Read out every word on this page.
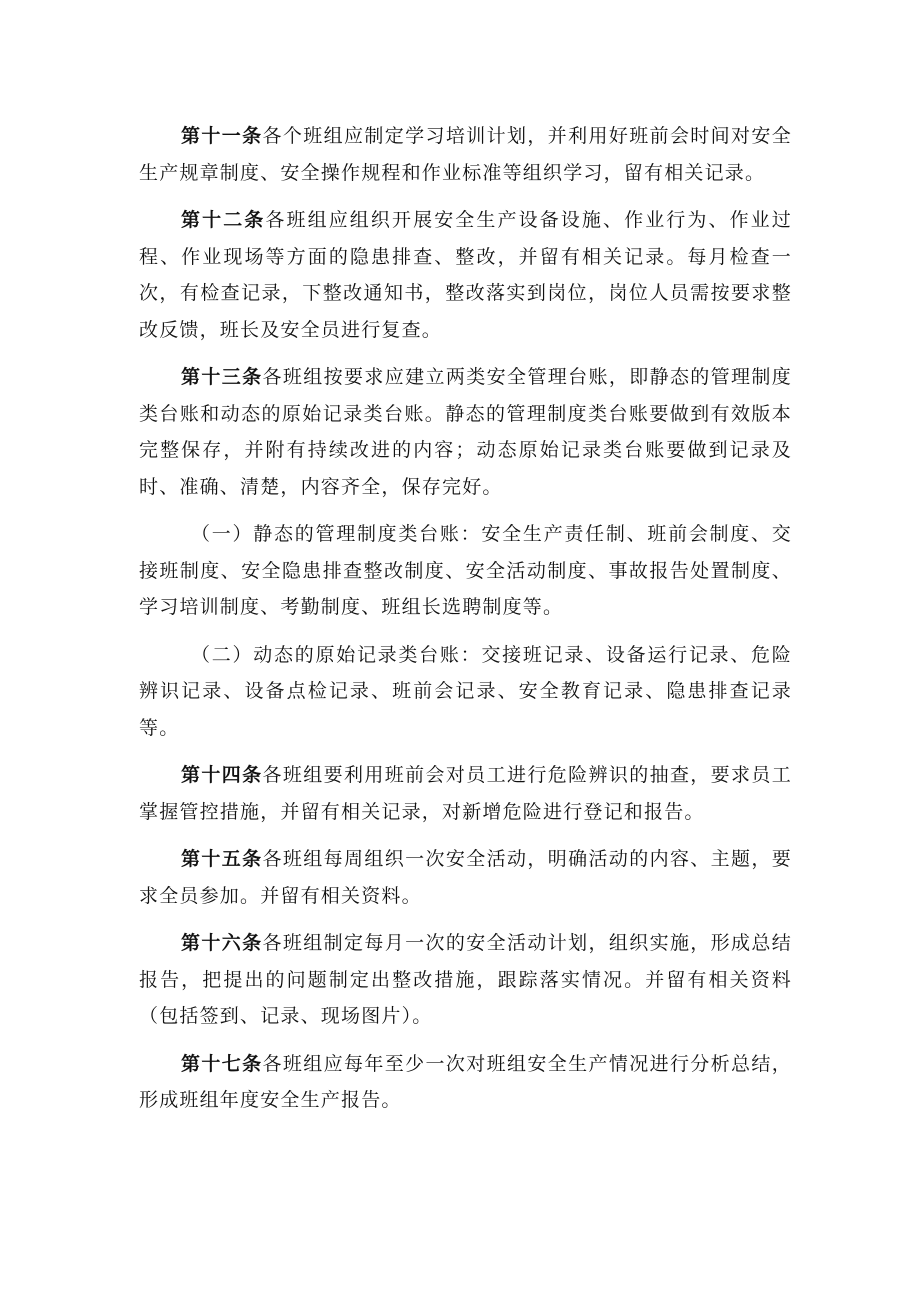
第十一条各个班组应制定学习培训计划，并利用好班前会时间对安全生产规章制度、安全操作规程和作业标准等组织学习，留有相关记录。

第十二条各班组应组织开展安全生产设备设施、作业行为、作业过程、作业现场等方面的隐患排查、整改，并留有相关记录。每月检查一次，有检查记录，下整改通知书，整改落实到岗位，岗位人员需按要求整改反馈，班长及安全员进行复查。

第十三条各班组按要求应建立两类安全管理台账，即静态的管理制度类台账和动态的原始记录类台账。静态的管理制度类台账要做到有效版本完整保存，并附有持续改进的内容；动态原始记录类台账要做到记录及时、准确、清楚，内容齐全，保存完好。

（一）静态的管理制度类台账：安全生产责任制、班前会制度、交接班制度、安全隐患排查整改制度、安全活动制度、事故报告处置制度、学习培训制度、考勤制度、班组长选聘制度等。

（二）动态的原始记录类台账：交接班记录、设备运行记录、危险辨识记录、设备点检记录、班前会记录、安全教育记录、隐患排查记录等。

第十四条各班组要利用班前会对员工进行危险辨识的抽查，要求员工掌握管控措施，并留有相关记录，对新增危险进行登记和报告。

第十五条各班组每周组织一次安全活动，明确活动的内容、主题，要求全员参加。并留有相关资料。

第十六条各班组制定每月一次的安全活动计划，组织实施，形成总结报告，把提出的问题制定出整改措施，跟踪落实情况。并留有相关资料（包括签到、记录、现场图片）。

第十七条各班组应每年至少一次对班组安全生产情况进行分析总结，形成班组年度安全生产报告。
